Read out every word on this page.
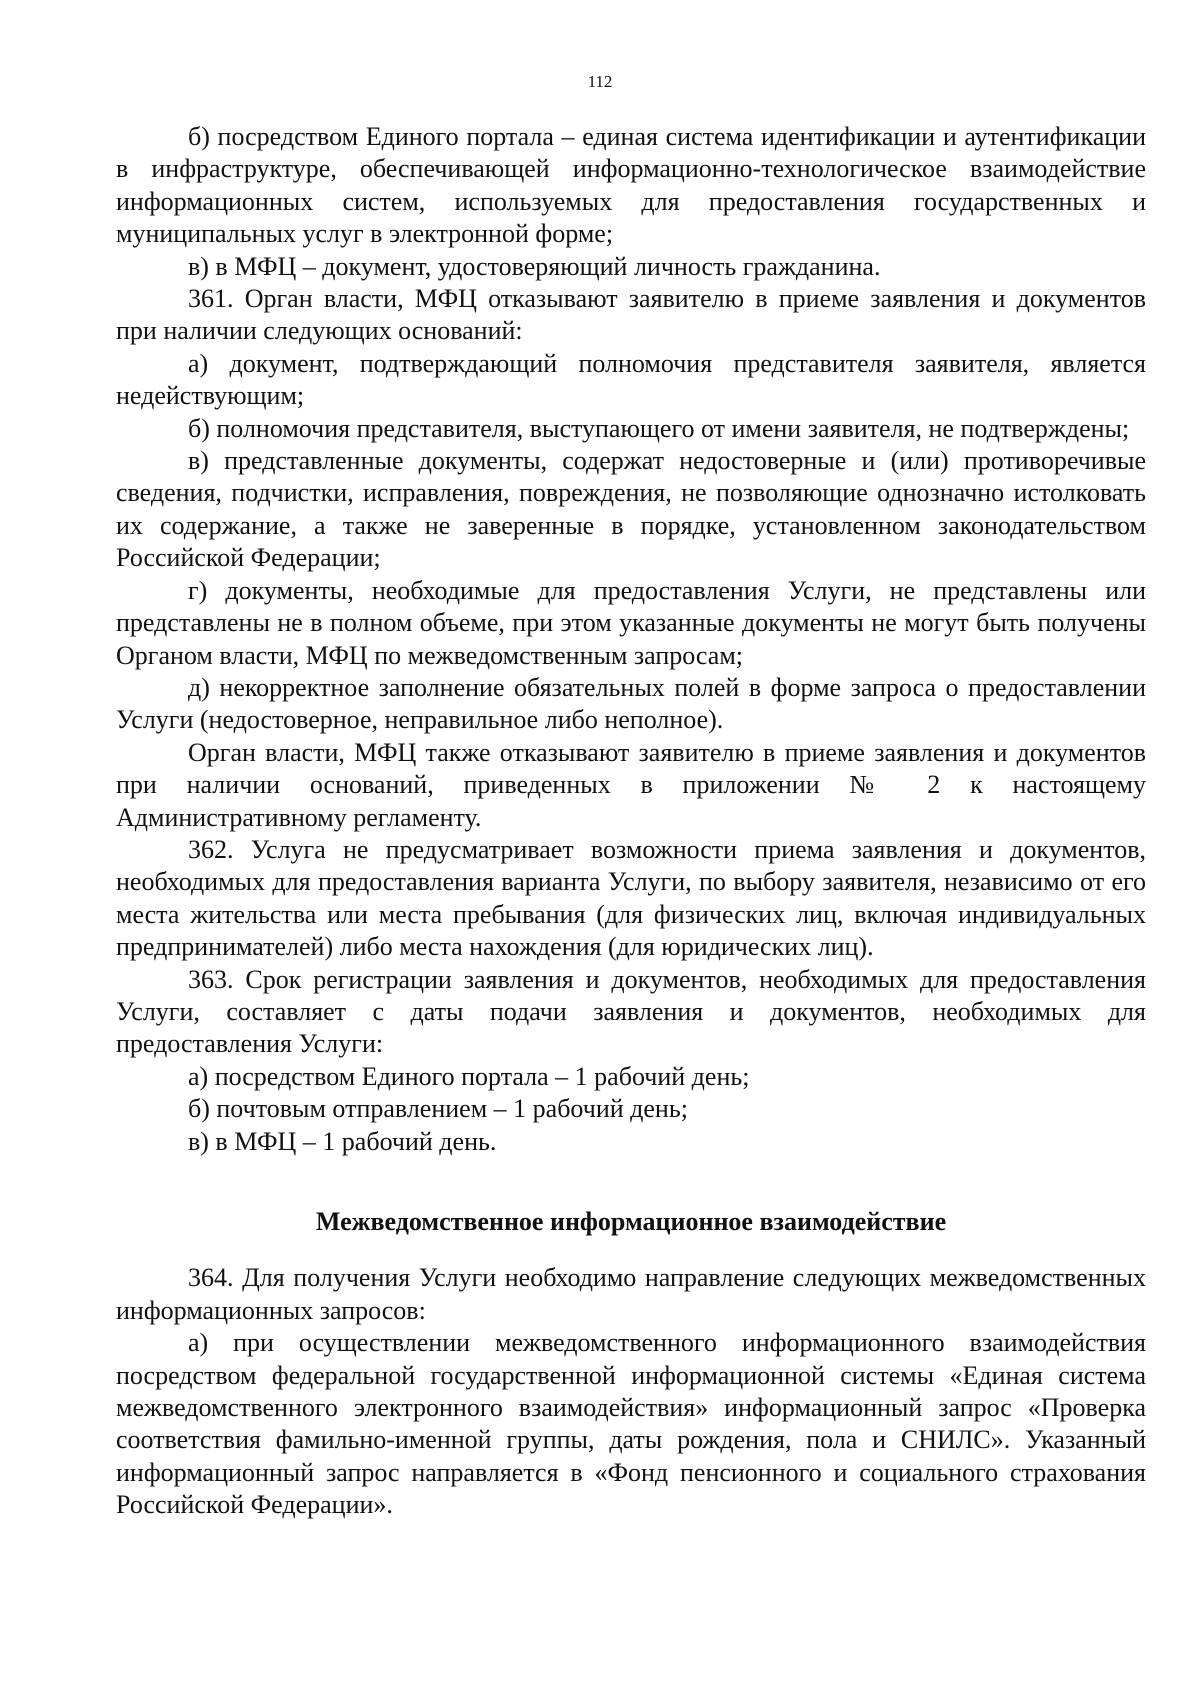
112

б) посредством Единого портала – единая система идентификации и аутентификации в инфраструктуре, обеспечивающей информационно-технологическое взаимодействие информационных систем, используемых для предоставления государственных и муниципальных услуг в электронной форме;

в) в МФЦ – документ, удостоверяющий личность гражданина.

361. Орган власти, МФЦ отказывают заявителю в приеме заявления и документов при наличии следующих оснований:

а) документ, подтверждающий полномочия представителя заявителя, является недействующим;

б) полномочия представителя, выступающего от имени заявителя, не подтверждены;

в) представленные документы, содержат недостоверные и (или) противоречивые сведения, подчистки, исправления, повреждения, не позволяющие однозначно истолковать их содержание, а также не заверенные в порядке, установленном законодательством Российской Федерации;

г) документы, необходимые для предоставления Услуги, не представлены или представлены не в полном объеме, при этом указанные документы не могут быть получены Органом власти, МФЦ по межведомственным запросам;

д) некорректное заполнение обязательных полей в форме запроса о предоставлении Услуги (недостоверное, неправильное либо неполное).

Орган власти, МФЦ также отказывают заявителю в приеме заявления и документов при наличии оснований, приведенных в приложении № 2 к настоящему Административному регламенту.

362. Услуга не предусматривает возможности приема заявления и документов, необходимых для предоставления варианта Услуги, по выбору заявителя, независимо от его места жительства или места пребывания (для физических лиц, включая индивидуальных предпринимателей) либо места нахождения (для юридических лиц).

363. Срок регистрации заявления и документов, необходимых для предоставления Услуги, составляет с даты подачи заявления и документов, необходимых для предоставления Услуги:

а) посредством Единого портала – 1 рабочий день;

б) почтовым отправлением – 1 рабочий день;

в) в МФЦ – 1 рабочий день.

Межведомственное информационное взаимодействие

364. Для получения Услуги необходимо направление следующих межведомственных информационных запросов:

а) при осуществлении межведомственного информационного взаимодействия посредством федеральной государственной информационной системы «Единая система межведомственного электронного взаимодействия» информационный запрос «Проверка соответствия фамильно-именной группы, даты рождения, пола и СНИЛС». Указанный информационный запрос направляется в «Фонд пенсионного и социального страхования Российской Федерации».
